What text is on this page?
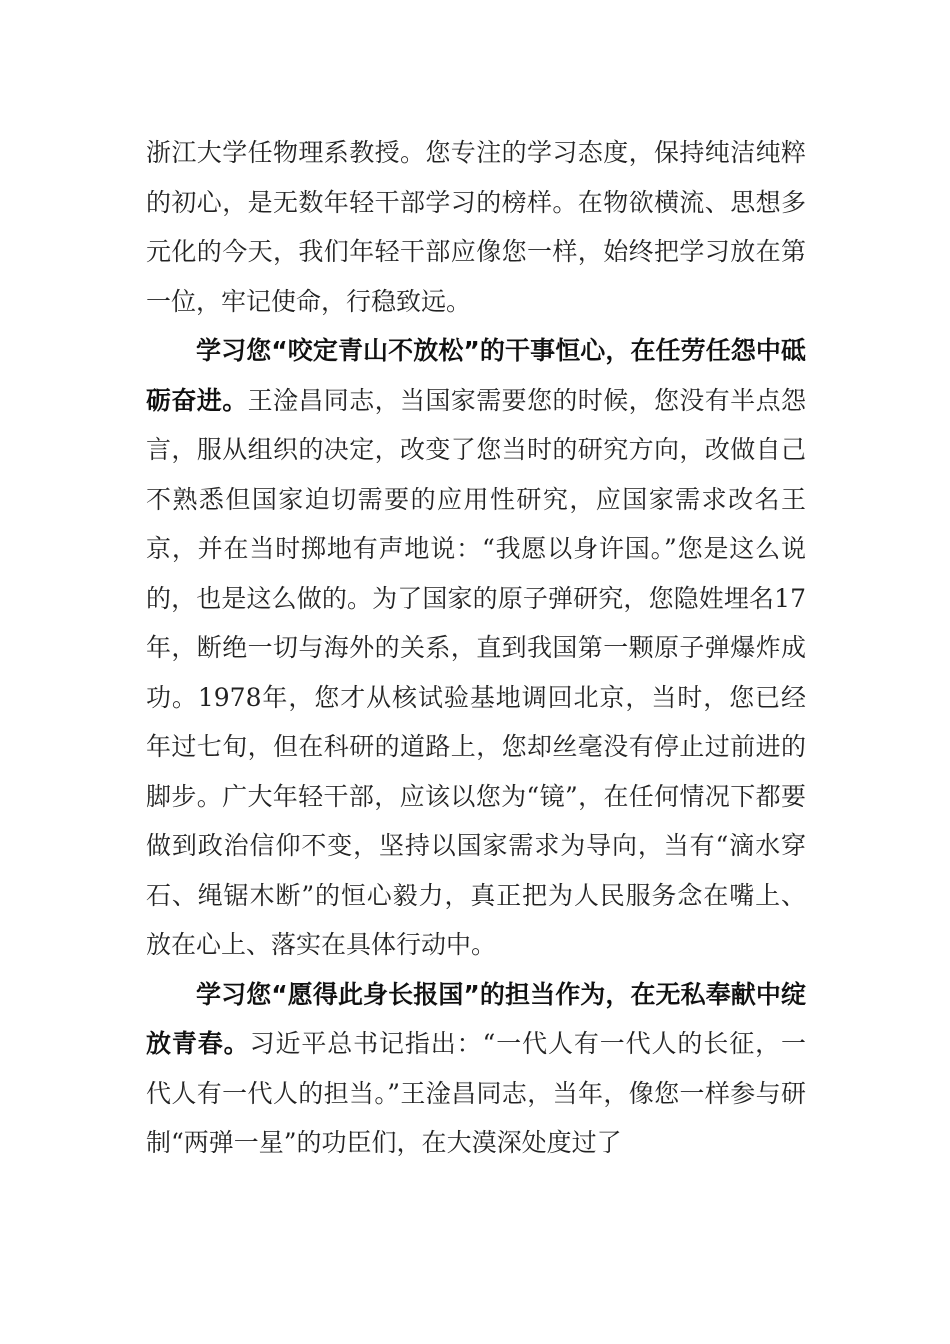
浙江大学任物理系教授。您专注的学习态度，保持纯洁纯粹的初心，是无数年轻干部学习的榜样。在物欲横流、思想多元化的今天，我们年轻干部应像您一样，始终把学习放在第一位，牢记使命，行稳致远。

学习您“咬定青山不放松”的干事恒心，在任劳任怨中砥砺奋进。王淦昌同志，当国家需要您的时候，您没有半点怨言，服从组织的决定，改变了您当时的研究方向，改做自己不熟悉但国家迫切需要的应用性研究，应国家需求改名王京，并在当时掷地有声地说：“我愿以身许国。”您是这么说的，也是这么做的。为了国家的原子弹研究，您隐姓埋名17年，断绝一切与海外的关系，直到我国第一颗原子弹爆炸成功。1978年，您才从核试验基地调回北京，当时，您已经年过七旬，但在科研的道路上，您却丝毫没有停止过前进的脚步。广大年轻干部，应该以您为“镜”，在任何情况下都要做到政治信仰不变，坚持以国家需求为导向，当有“滴水穿石、绳锯木断”的恒心毅力，真正把为人民服务念在嘴上、放在心上、落实在具体行动中。

学习您“愿得此身长报国”的担当作为，在无私奉献中绽放青春。习近平总书记指出：“一代人有一代人的长征，一代人有一代人的担当。”王淦昌同志，当年，像您一样参与研制“两弹一星”的功臣们，在大漠深处度过了
